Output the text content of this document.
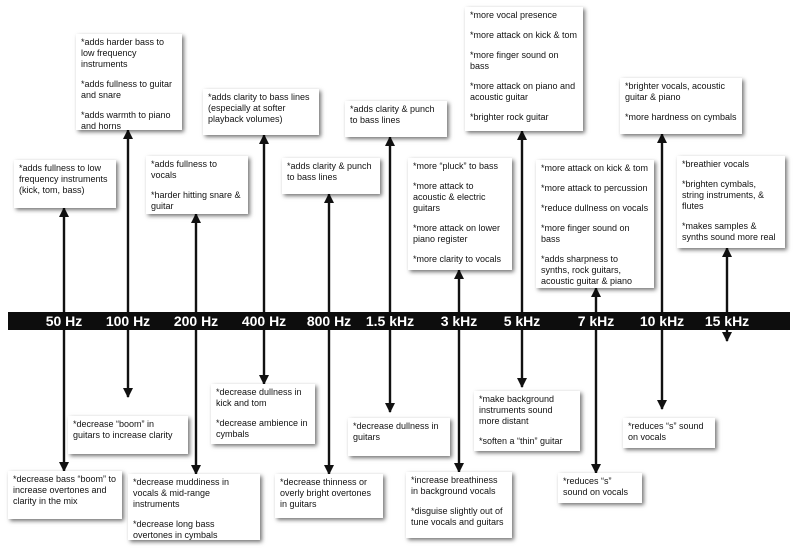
50 Hz 100 Hz 200 Hz 400 Hz 800 Hz 1.5 kHz 3 kHz 5 kHz	7 kHz 10 kHz 15 kHz

*adds fullness to low frequency instruments (kick, tom, bass)

*adds harder bass to low frequency instruments

*adds fullness to guitar and snare

*adds warmth to piano and horns

*adds fullness to vocals

*harder hitting snare & guitar

*adds clarity to bass lines (especially at softer playback volumes)

*adds clarity & punch to bass lines

*adds clarity & punch to bass lines

*more “pluck” to bass

*more attack to acoustic & electric guitars

*more attack on lower piano register

*more clarity to vocals

*more vocal presence

*more attack on kick & tom

*more finger sound on bass

*more attack on piano and acoustic guitar

*brighter rock guitar

*more attack on kick & tom

*more attack to percussion

*reduce dullness on vocals

*more finger sound on bass

*adds sharpness to synths, rock guitars, acoustic guitar & piano

*brighter vocals, acoustic guitar & piano

*more hardness on cymbals

*breathier vocals

*brighten cymbals, string instruments, & flutes

*makes samples & synths sound more real

*decrease bass “boom” to increase overtones and clarity in the mix

*decrease “boom” in guitars to increase clarity

*decrease muddiness in vocals & mid-range instruments

*decrease long bass overtones in cymbals

*decrease dullness in kick and tom

*decrease ambience in cymbals

*decrease thinness or overly bright overtones in guitars

*decrease dullness in guitars

*increase breathiness in background vocals

*disguise slightly out of tune vocals and guitars

*make background instruments sound more distant

*soften a “thin” guitar

*reduces “s” sound on vocals

*reduces “s” sound on vocals
